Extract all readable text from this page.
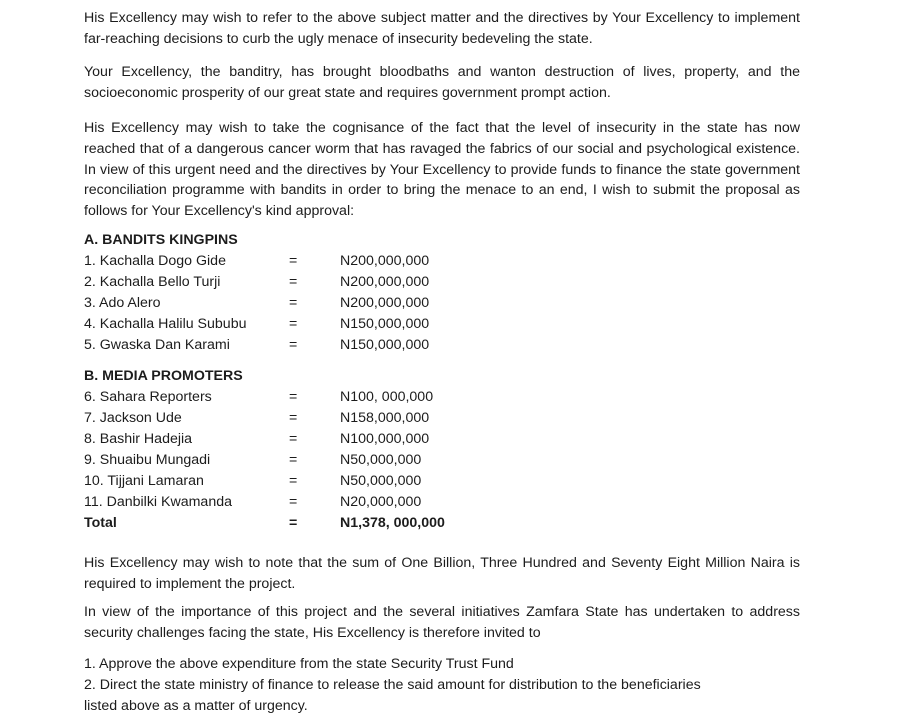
His Excellency may wish to refer to the above subject matter and the directives by Your Excellency to implement far-reaching decisions to curb the ugly menace of insecurity bedeveling the state.

Your Excellency, the banditry, has brought bloodbaths and wanton destruction of lives, property, and the socioeconomic prosperity of our great state and requires government prompt action.

His Excellency may wish to take the cognisance of the fact that the level of insecurity in the state has now reached that of a dangerous cancer worm that has ravaged the fabrics of our social and psychological existence. In view of this urgent need and the directives by Your Excellency to provide funds to finance the state government reconciliation programme with bandits in order to bring the menace to an end, I wish to submit the proposal as follows for Your Excellency's kind approval:

A. BANDITS KINGPINS
1. Kachalla Dogo Gide	=	N200,000,000
2. Kachalla Bello Turji	=	N200,000,000
3. Ado Alero	=	N200,000,000
4. Kachalla Halilu Sububu	=	N150,000,000
5. Gwaska Dan Karami	=	N150,000,000
B. MEDIA PROMOTERS
6. Sahara Reporters	=	N100, 000,000
7. Jackson Ude	=	N158,000,000
8. Bashir Hadejia	=	N100,000,000
9. Shuaibu Mungadi	=	N50,000,000
10. Tijjani Lamaran	=	N50,000,000
11. Danbilki Kwamanda	=	N20,000,000
Total	=	N1,378, 000,000

His Excellency may wish to note that the sum of One Billion, Three Hundred and Seventy Eight Million Naira is required to implement the project.

In view of the importance of this project and the several initiatives Zamfara State has undertaken to address security challenges facing the state, His Excellency is therefore invited to

1. Approve the above expenditure from the state Security Trust Fund
2. Direct the state ministry of finance to release the said amount for distribution to the beneficiaries
listed above as a matter of urgency.
